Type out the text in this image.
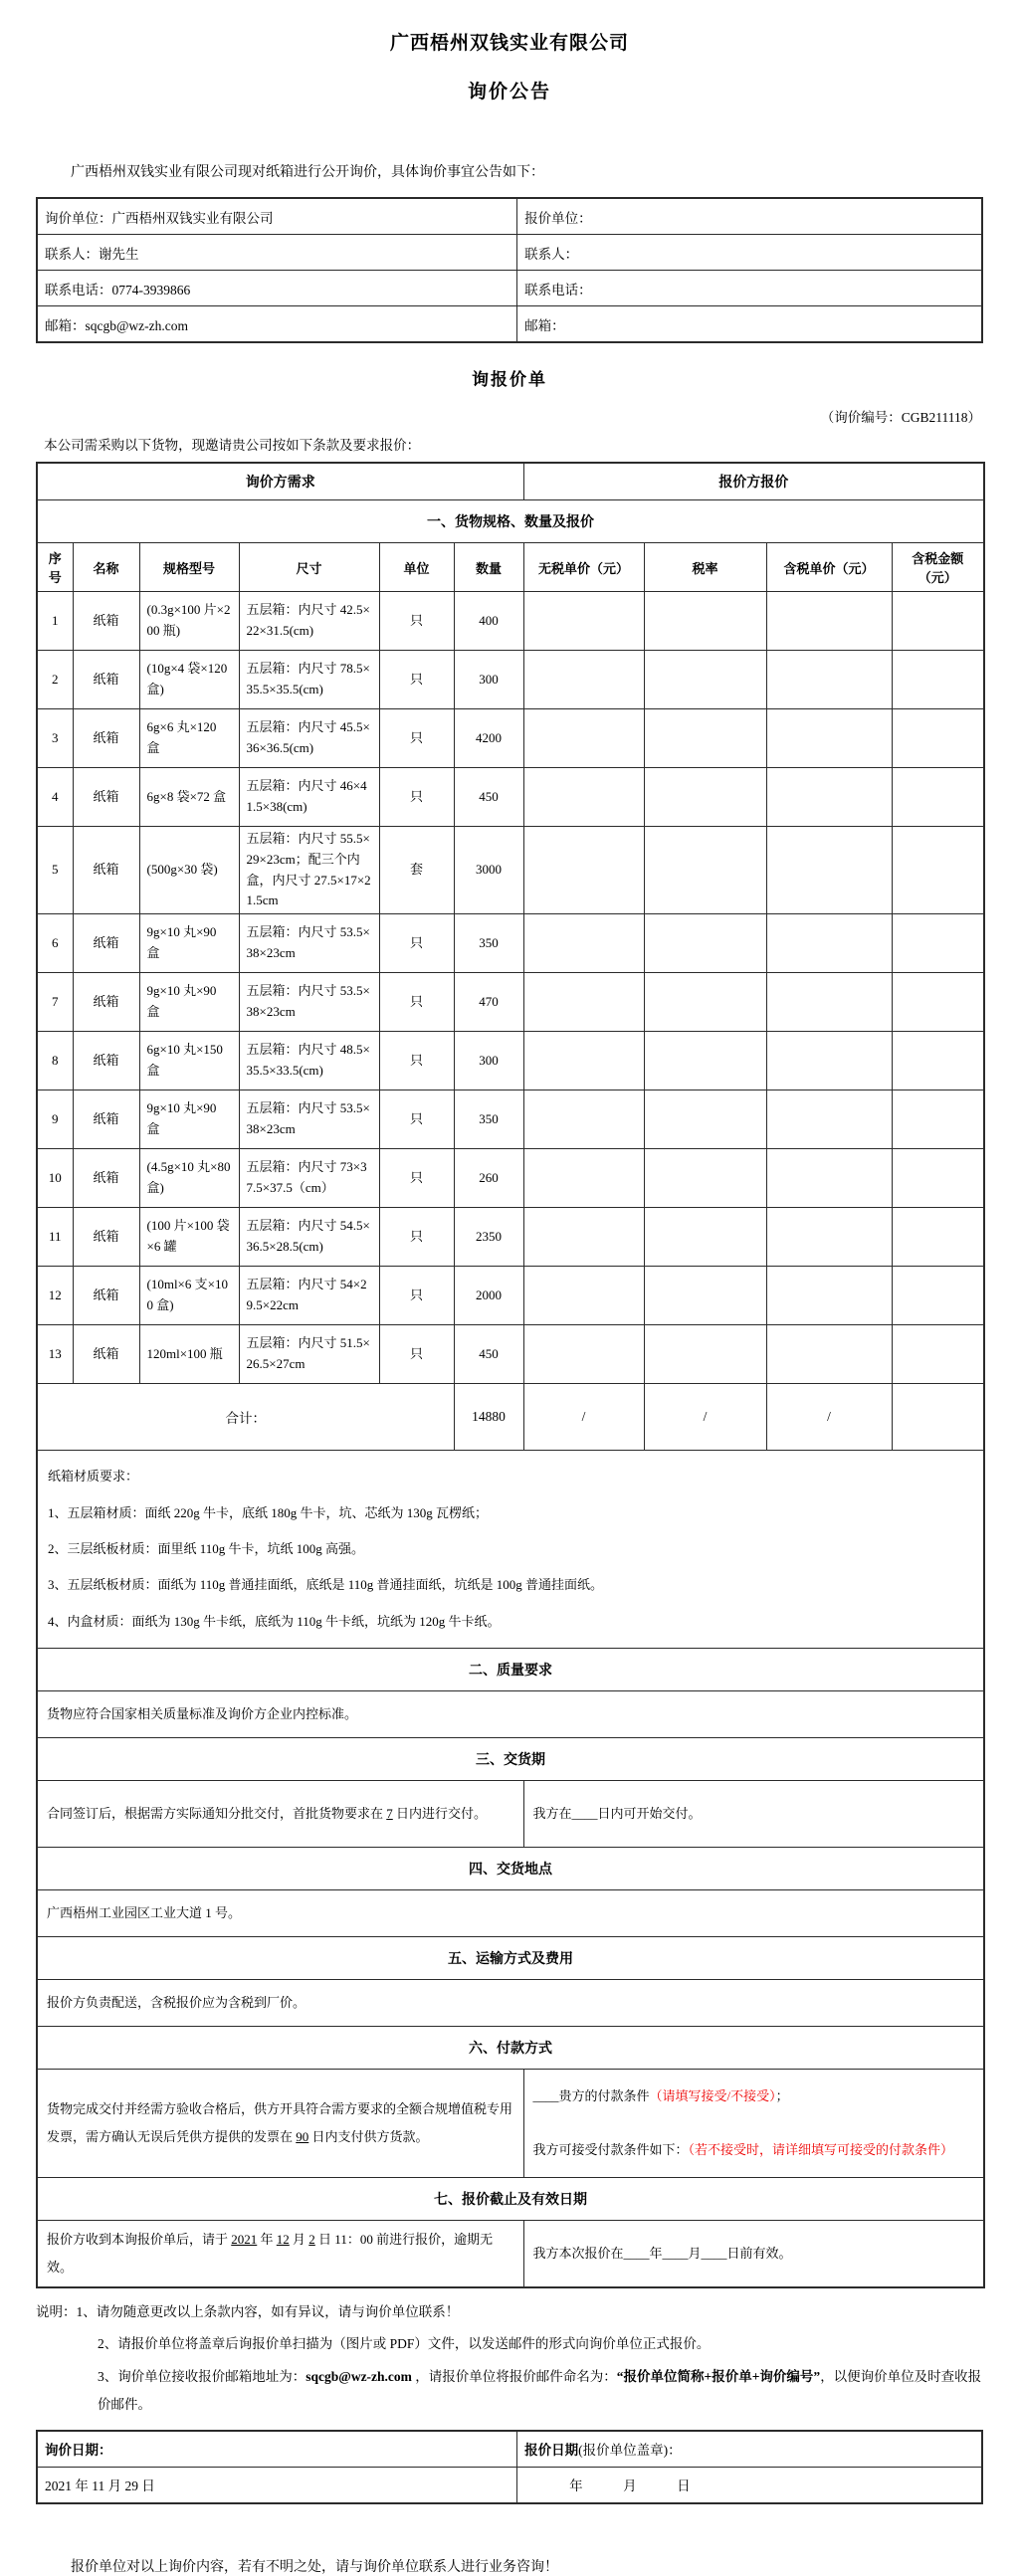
广西梧州双钱实业有限公司
询价公告

广西梧州双钱实业有限公司现对纸箱进行公开询价，具体询价事宜公告如下：

询价单位：广西梧州双钱实业有限公司	报价单位：
联系人：谢先生	联系人：
联系电话：0774-3939866	联系电话：
邮箱：sqcgb@wz-zh.com	邮箱：
询报价单
（询价编号：CGB211118）

本公司需采购以下货物，现邀请贵公司按如下条款及要求报价：

询价方需求						报价方报价			
一、货物规格、数量及报价									
序号	名称	规格型号	尺寸	单位	数量	无税单价（元）	税率	含税单价（元）	含税金额（元）
1	纸箱	(0.3g×100 片×200 瓶)	五层箱：内尺寸 42.5×22×31.5(cm)	只	400				
2	纸箱	(10g×4 袋×120 盒)	五层箱：内尺寸 78.5×35.5×35.5(cm)	只	300				
3	纸箱	6g×6 丸×120 盒	五层箱：内尺寸 45.5×36×36.5(cm)	只	4200				
4	纸箱	6g×8 袋×72 盒	五层箱：内尺寸 46×41.5×38(cm)	只	450				
5	纸箱	(500g×30 袋)	五层箱：内尺寸 55.5×29×23cm；配三个内盒，内尺寸 27.5×17×21.5cm	套	3000				
6	纸箱	9g×10 丸×90 盒	五层箱：内尺寸 53.5×38×23cm	只	350				
7	纸箱	9g×10 丸×90 盒	五层箱：内尺寸 53.5×38×23cm	只	470				
8	纸箱	6g×10 丸×150 盒	五层箱：内尺寸 48.5×35.5×33.5(cm)	只	300				
9	纸箱	9g×10 丸×90 盒	五层箱：内尺寸 53.5×38×23cm	只	350				
10	纸箱	(4.5g×10 丸×80 盒)	五层箱：内尺寸 73×37.5×37.5（cm）	只	260				
11	纸箱	(100 片×100 袋×6 罐	五层箱：内尺寸 54.5×36.5×28.5(cm)	只	2350				
12	纸箱	(10ml×6 支×100 盒)	五层箱：内尺寸 54×29.5×22cm	只	2000				
13	纸箱	120ml×100 瓶	五层箱：内尺寸 51.5×26.5×27cm	只	450				
合计：					14880	/	/	/	

纸箱材质要求：
1、五层箱材质：面纸 220g 牛卡，底纸 180g 牛卡，坑、芯纸为 130g 瓦楞纸；
2、三层纸板材质：面里纸 110g 牛卡，坑纸 100g 高强。
3、五层纸板材质：面纸为 110g 普通挂面纸，底纸是 110g 普通挂面纸，坑纸是 100g 普通挂面纸。
4、内盒材质：面纸为 130g 牛卡纸，底纸为 110g 牛卡纸，坑纸为 120g 牛卡纸。									

二、质量要求									
货物应符合国家相关质量标准及询价方企业内控标准。									
三、交货期									
合同签订后，根据需方实际通知分批交付，首批货物要求在 7 日内进行交付。						我方在____日内可开始交付。			
四、交货地点									
广西梧州工业园区工业大道 1 号。									
五、运输方式及费用									
报价方负责配送，含税报价应为含税到厂价。									
六、付款方式									
货物完成交付并经需方验收合格后，供方开具符合需方要求的全额合规增值税专用发票，需方确认无误后凭供方提供的发票在 90 日内支付供方货款。						____贵方的付款条件（请填写接受/不接受）；
我方可接受付款条件如下：（若不接受时，请详细填写可接受的付款条件）			

七、报价截止及有效日期									
报价方收到本询报价单后，请于 2021 年 12 月 2 日 11：00 前进行报价，逾期无效。						我方本次报价在____年____月____日前有效。			

说明：1、请勿随意更改以上条款内容，如有异议，请与询价单位联系！

2、请报价单位将盖章后询报价单扫描为（图片或 PDF）文件，以发送邮件的形式向询价单位正式报价。

3、询价单位接收报价邮箱地址为：sqcgb@wz-zh.com ，请报价单位将报价邮件命名为：“报价单位简称+报价单+询价编号”，以便询价单位及时查收报价邮件。

询价日期：	报价日期(报价单位盖章)：
2021 年 11 月 29 日	年　　　月　　　日

报价单位对以上询价内容，若有不明之处，请与询价单位联系人进行业务咨询！
